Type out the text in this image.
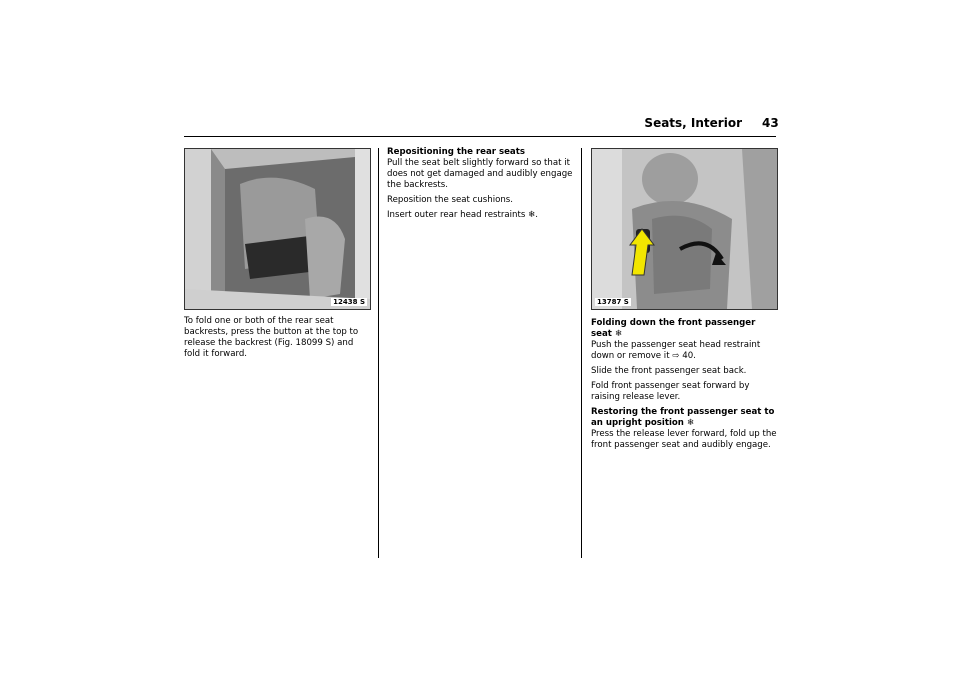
Seats, Interior 43
12438 S	13787 S

To fold one or both of the rear seat backrests, press the button at the top to release the backrest (Fig. 18099 S) and fold it forward.

Repositioning the rear seats

Pull the seat belt slightly forward so that it does not get damaged and audibly engage the backrests.

Reposition the seat cushions.

Insert outer rear head restraints ❄.

Folding down the front passenger seat ❄

Push the passenger seat head restraint down or remove it ⇨ 40.

Slide the front passenger seat back.

Fold front passenger seat forward by raising release lever.

Restoring the front passenger seat to an upright position ❄

Press the release lever forward, fold up the front passenger seat and audibly engage.
